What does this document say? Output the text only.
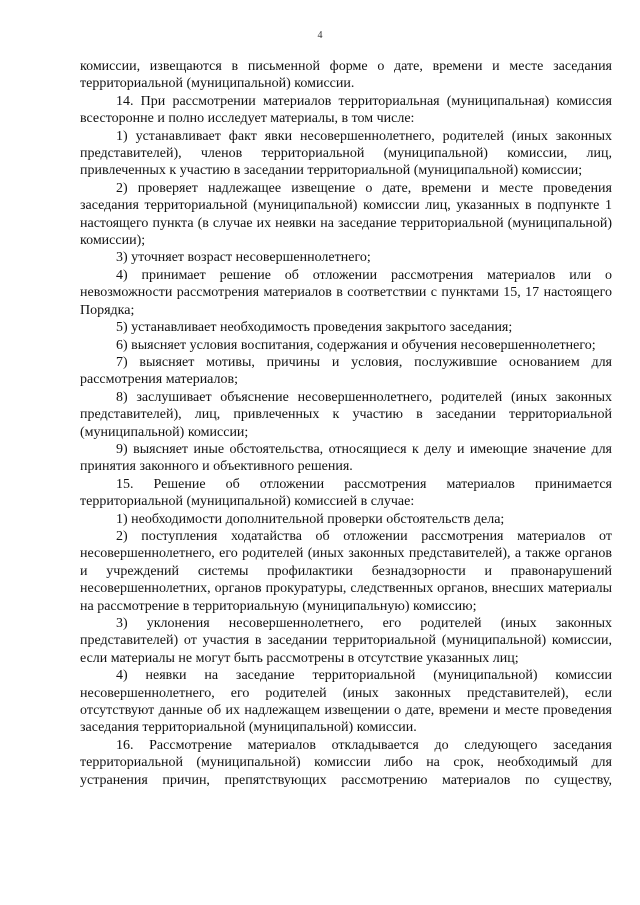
4

комиссии, извещаются в письменной форме о дате, времени и месте заседания территориальной (муниципальной) комиссии.

14. При рассмотрении материалов территориальная (муниципальная) комиссия всесторонне и полно исследует материалы, в том числе:

1) устанавливает факт явки несовершеннолетнего, родителей (иных законных представителей), членов территориальной (муниципальной) комиссии, лиц, привлеченных к участию в заседании территориальной (муниципальной) комиссии;

2) проверяет надлежащее извещение о дате, времени и месте проведения заседания территориальной (муниципальной) комиссии лиц, указанных в подпункте 1 настоящего пункта (в случае их неявки на заседание территориальной (муниципальной) комиссии);

3) уточняет возраст несовершеннолетнего;

4) принимает решение об отложении рассмотрения материалов или о невозможности рассмотрения материалов в соответствии с пунктами 15, 17 настоящего Порядка;

5) устанавливает необходимость проведения закрытого заседания;

6) выясняет условия воспитания, содержания и обучения несовершеннолетнего;

7) выясняет мотивы, причины и условия, послужившие основанием для рассмотрения материалов;

8) заслушивает объяснение несовершеннолетнего, родителей (иных законных представителей), лиц, привлеченных к участию в заседании территориальной (муниципальной) комиссии;

9) выясняет иные обстоятельства, относящиеся к делу и имеющие значение для принятия законного и объективного решения.

15. Решение об отложении рассмотрения материалов принимается территориальной (муниципальной) комиссией в случае:

1) необходимости дополнительной проверки обстоятельств дела;

2) поступления ходатайства об отложении рассмотрения материалов от несовершеннолетнего, его родителей (иных законных представителей), а также органов и учреждений системы профилактики безнадзорности и правонарушений несовершеннолетних, органов прокуратуры, следственных органов, внесших материалы на рассмотрение в территориальную (муниципальную) комиссию;

3) уклонения несовершеннолетнего, его родителей (иных законных представителей) от участия в заседании территориальной (муниципальной) комиссии, если материалы не могут быть рассмотрены в отсутствие указанных лиц;

4) неявки на заседание территориальной (муниципальной) комиссии несовершеннолетнего, его родителей (иных законных представителей), если отсутствуют данные об их надлежащем извещении о дате, времени и месте проведения заседания территориальной (муниципальной) комиссии.

16. Рассмотрение материалов откладывается до следующего заседания территориальной (муниципальной) комиссии либо на срок, необходимый для устранения причин, препятствующих рассмотрению материалов по существу,
